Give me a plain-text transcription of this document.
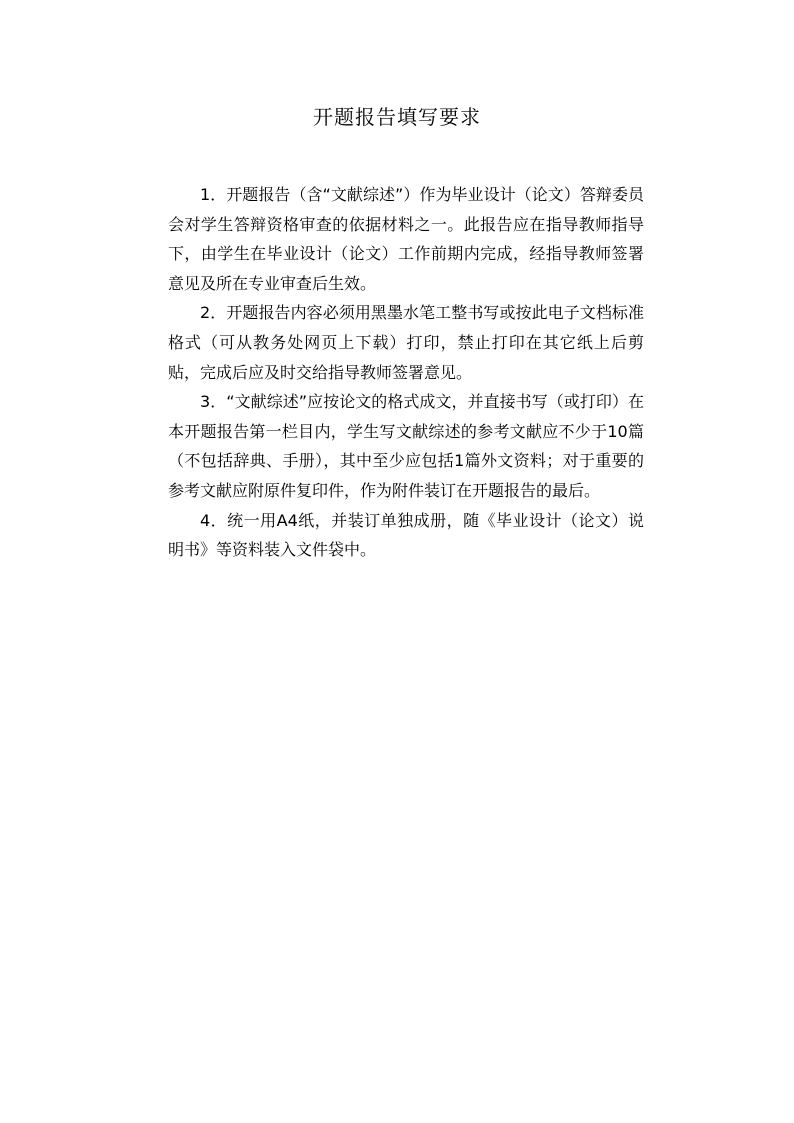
开题报告填写要求

1．开题报告（含“文献综述”）作为毕业设计（论文）答辩委员会对学生答辩资格审查的依据材料之一。此报告应在指导教师指导下，由学生在毕业设计（论文）工作前期内完成，经指导教师签署意见及所在专业审查后生效。

2．开题报告内容必须用黑墨水笔工整书写或按此电子文档标准格式（可从教务处网页上下载）打印，禁止打印在其它纸上后剪贴，完成后应及时交给指导教师签署意见。

3．“文献综述”应按论文的格式成文，并直接书写（或打印）在本开题报告第一栏目内，学生写文献综述的参考文献应不少于10篇（不包括辞典、手册），其中至少应包括1篇外文资料；对于重要的参考文献应附原件复印件，作为附件装订在开题报告的最后。

4．统一用A4纸，并装订单独成册，随《毕业设计（论文）说明书》等资料装入文件袋中。
